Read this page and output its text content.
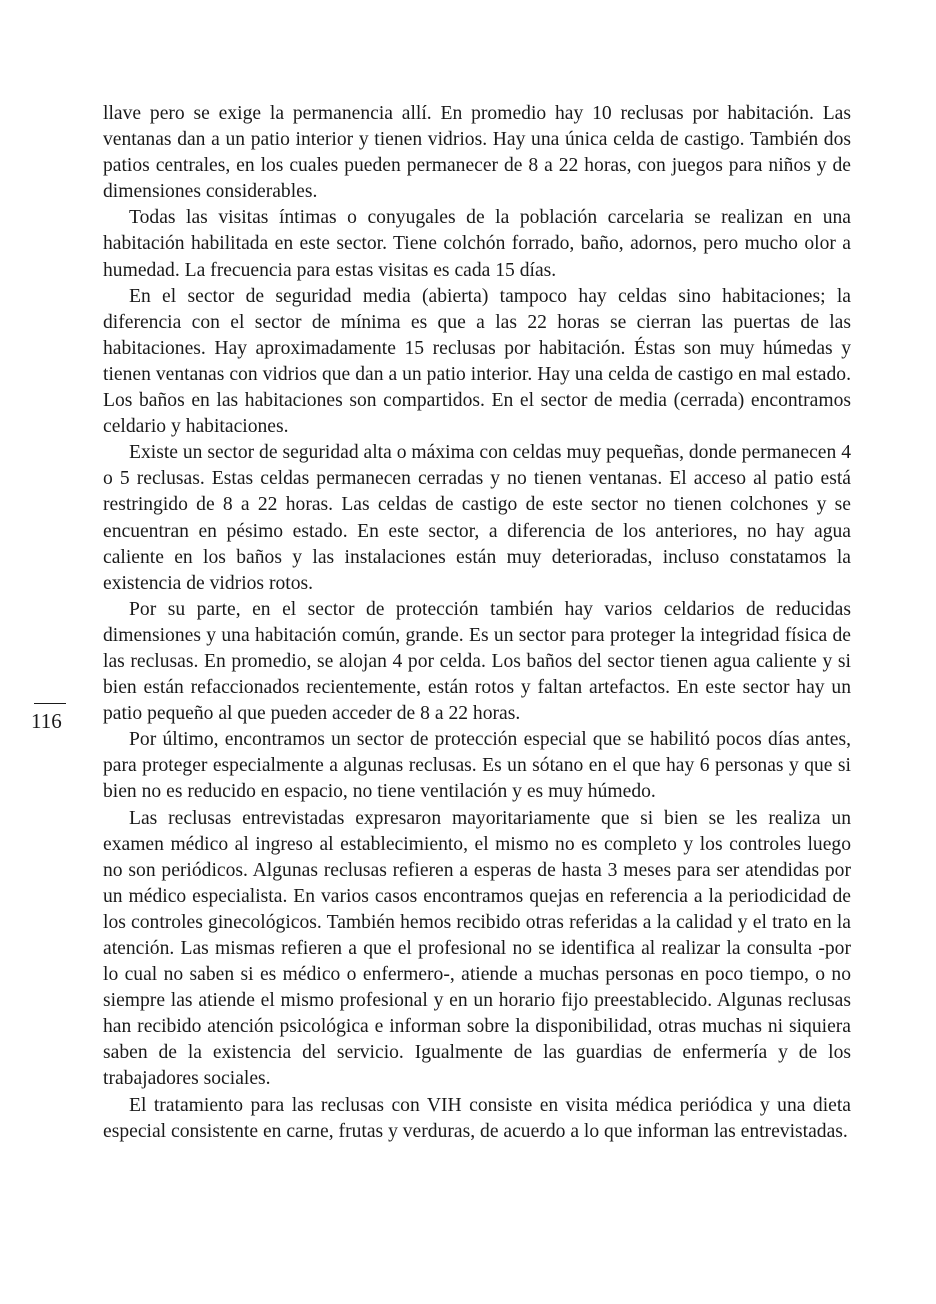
llave pero se exige la permanencia allí. En promedio hay 10 reclusas por habitación. Las ventanas dan a un patio interior y tienen vidrios. Hay una única celda de castigo. También dos patios centrales, en los cuales pueden permanecer de 8 a 22 horas, con juegos para niños y de dimensiones considerables.

Todas las visitas íntimas o conyugales de la población carcelaria se realizan en una habitación habilitada en este sector. Tiene colchón forrado, baño, adornos, pero mucho olor a humedad. La frecuencia para estas visitas es cada 15 días.

En el sector de seguridad media (abierta) tampoco hay celdas sino habitaciones; la diferencia con el sector de mínima es que a las 22 horas se cierran las puertas de las habitaciones. Hay aproximadamente 15 reclusas por habitación. Éstas son muy húmedas y tienen ventanas con vidrios que dan a un patio interior. Hay una celda de castigo en mal estado. Los baños en las habitaciones son compartidos. En el sector de media (cerrada) encontramos celdario y habitaciones.

Existe un sector de seguridad alta o máxima con celdas muy pequeñas, donde permanecen 4 o 5 reclusas. Estas celdas permanecen cerradas y no tienen ventanas. El acceso al patio está restringido de 8 a 22 horas. Las celdas de castigo de este sector no tienen colchones y se encuentran en pésimo estado. En este sector, a diferencia de los anteriores, no hay agua caliente en los baños y las instalaciones están muy deterioradas, incluso constatamos la existencia de vidrios rotos.

Por su parte, en el sector de protección también hay varios celdarios de reducidas dimensiones y una habitación común, grande. Es un sector para proteger la integridad física de las reclusas. En promedio, se alojan 4 por celda. Los baños del sector tienen agua caliente y si bien están refaccionados recientemente, están rotos y faltan artefactos. En este sector hay un patio pequeño al que pueden acceder de 8 a 22 horas.

Por último, encontramos un sector de protección especial que se habilitó pocos días antes, para proteger especialmente a algunas reclusas. Es un sótano en el que hay 6 personas y que si bien no es reducido en espacio, no tiene ventilación y es muy húmedo.

Las reclusas entrevistadas expresaron mayoritariamente que si bien se les realiza un examen médico al ingreso al establecimiento, el mismo no es completo y los controles luego no son periódicos. Algunas reclusas refieren a esperas de hasta 3 meses para ser atendidas por un médico especialista. En varios casos encontramos quejas en referencia a la periodicidad de los controles ginecológicos. También hemos recibido otras referidas a la calidad y el trato en la atención. Las mismas refieren a que el profesional no se identifica al realizar la consulta -por lo cual no saben si es médico o enfermero-, atiende a muchas personas en poco tiempo, o no siempre las atiende el mismo profesional y en un horario fijo preestablecido. Algunas reclusas han recibido atención psicológica e informan sobre la disponibilidad, otras muchas ni siquiera saben de la existencia del servicio. Igualmente de las guardias de enfermería y de los trabajadores sociales.

El tratamiento para las reclusas con VIH consiste en visita médica periódica y una dieta especial consistente en carne, frutas y verduras, de acuerdo a lo que informan las entrevistadas.

116
